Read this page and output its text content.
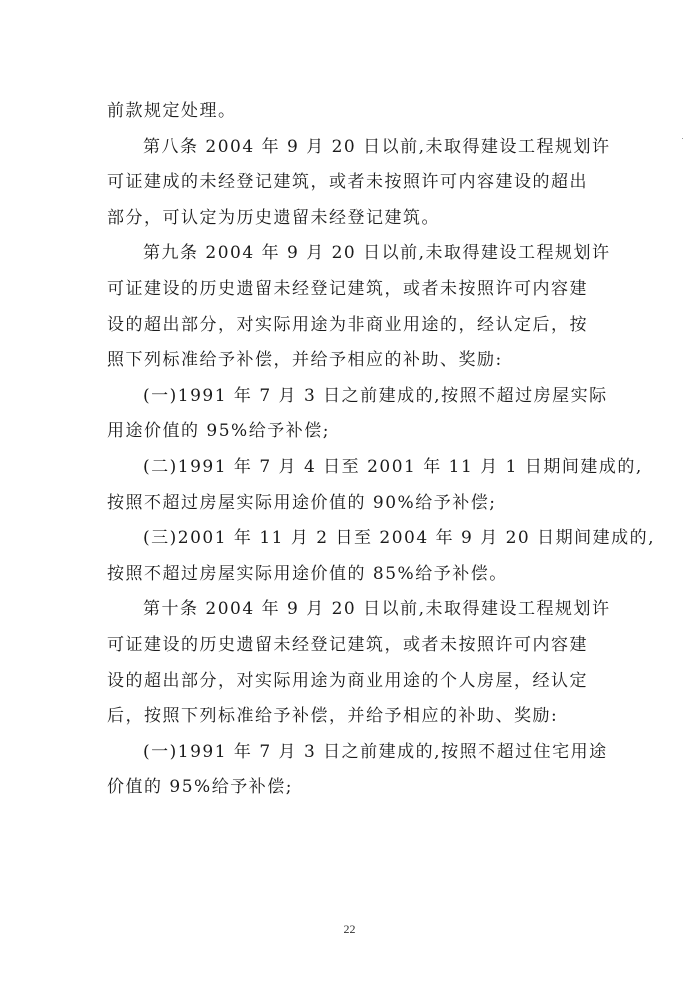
前款规定处理。
第八条 2004 年 9 月 20 日以前,未取得建设工程规划许
可证建成的未经登记建筑，或者未按照许可内容建设的超出
部分，可认定为历史遗留未经登记建筑。
第九条 2004 年 9 月 20 日以前,未取得建设工程规划许
可证建设的历史遗留未经登记建筑，或者未按照许可内容建
设的超出部分，对实际用途为非商业用途的，经认定后，按
照下列标准给予补偿，并给予相应的补助、奖励:
(一)1991 年 7 月 3 日之前建成的,按照不超过房屋实际
用途价值的 95%给予补偿;
(二)1991 年 7 月 4 日至 2001 年 11 月 1 日期间建成的,
按照不超过房屋实际用途价值的 90%给予补偿;
(三)2001 年 11 月 2 日至 2004 年 9 月 20 日期间建成的,
按照不超过房屋实际用途价值的 85%给予补偿。
第十条 2004 年 9 月 20 日以前,未取得建设工程规划许
可证建设的历史遗留未经登记建筑，或者未按照许可内容建
设的超出部分，对实际用途为商业用途的个人房屋，经认定
后，按照下列标准给予补偿，并给予相应的补助、奖励:
(一)1991 年 7 月 3 日之前建成的,按照不超过住宅用途
价值的 95%给予补偿;
22
